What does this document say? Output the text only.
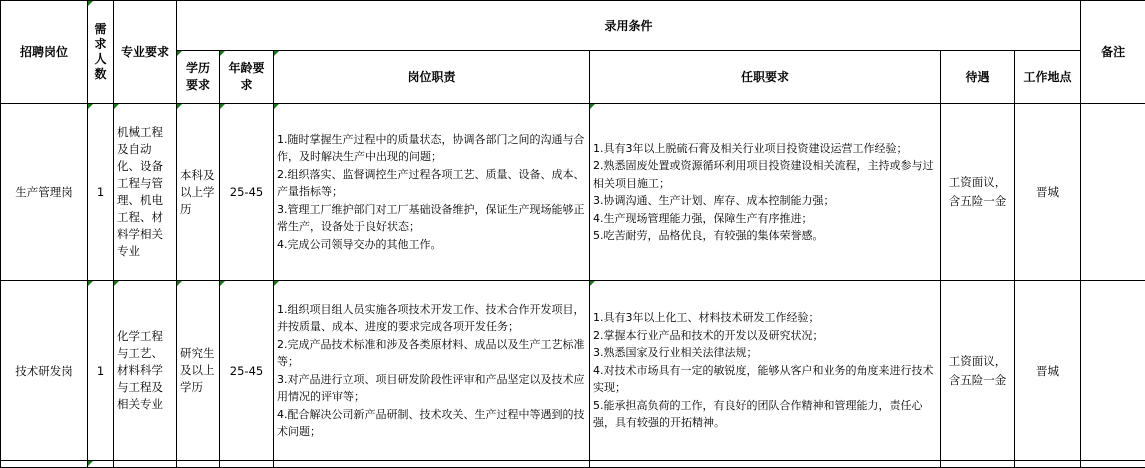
招聘岗位	需求人数	专业要求	录用条件						备注

			学历要求	年龄要求	岗位职责	任职要求	待遇	工作地点	
生产管理岗	1	机械工程及自动化、设备工程与管理、机电工程、材料学相关专业	本科及以上学历	25-45	1.随时掌握生产过程中的质量状态，协调各部门之间的沟通与合作，及时解决生产中出现的问题；
2.组织落实、监督调控生产过程各项工艺、质量、设备、成本、产量指标等；
3.管理工厂维护部门对工厂基础设备维护，保证生产现场能够正常生产，设备处于良好状态；
4.完成公司领导交办的其他工作。	1.具有3年以上脱硫石膏及相关行业项目投资建设运营工作经验；
2.熟悉固废处置或资源循环利用项目投资建设相关流程，主持或参与过相关项目施工；
3.协调沟通、生产计划、库存、成本控制能力强；
4.生产现场管理能力强，保障生产有序推进；
5.吃苦耐劳，品格优良，有较强的集体荣誉感。	工资面议，含五险一金	晋城	
技术研发岗	1	化学工程与工艺、材料科学与工程及相关专业	研究生及以上学历	25-45	1.组织项目组人员实施各项技术开发工作、技术合作开发项目，并按质量、成本、进度的要求完成各项开发任务；
2.完成产品技术标准和涉及各类原材料、成品以及生产工艺标准等；
3.对产品进行立项、项目研发阶段性评审和产品坚定以及技术应用情况的评审等；
4.配合解决公司新产品研制、技术攻关、生产过程中等遇到的技术问题；	1.具有3年以上化工、材料技术研发工作经验；
2.掌握本行业产品和技术的开发以及研究状况；
3.熟悉国家及行业相关法律法规；
4.对技术市场具有一定的敏锐度，能够从客户和业务的角度来进行技术实现；
5.能承担高负荷的工作，有良好的团队合作精神和管理能力，责任心强，具有较强的开拓精神。	工资面议，含五险一金	晋城	
